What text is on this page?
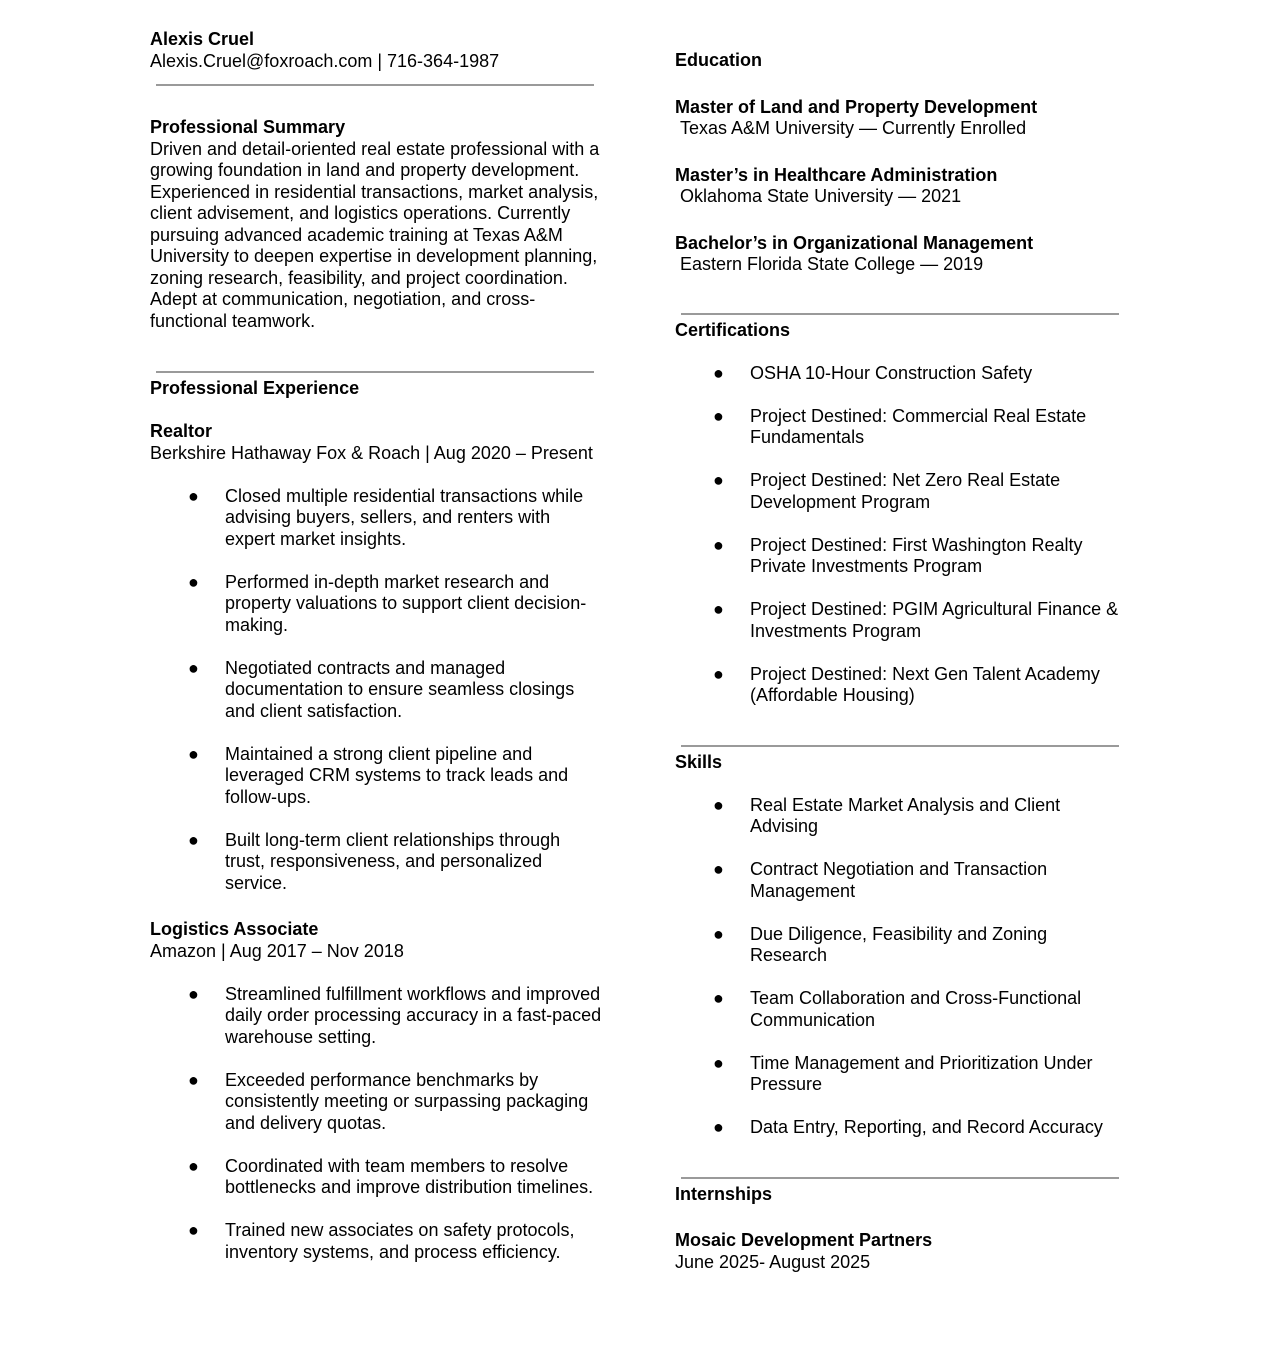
Alexis Cruel
Alexis.Cruel@foxroach.com | 716-364-1987
Professional Summary
Driven and detail-oriented real estate professional with a growing foundation in land and property development. Experienced in residential transactions, market analysis, client advisement, and logistics operations. Currently pursuing advanced academic training at Texas A&M University to deepen expertise in development planning, zoning research, feasibility, and project coordination. Adept at communication, negotiation, and cross-functional teamwork.
Professional Experience
Realtor
Berkshire Hathaway Fox & Roach | Aug 2020 – Present
● Closed multiple residential transactions while advising buyers, sellers, and renters with expert market insights.
● Performed in-depth market research and property valuations to support client decision-making.
● Negotiated contracts and managed documentation to ensure seamless closings and client satisfaction.
● Maintained a strong client pipeline and leveraged CRM systems to track leads and follow-ups.
● Built long-term client relationships through trust, responsiveness, and personalized service.
Logistics Associate
Amazon | Aug 2017 – Nov 2018
● Streamlined fulfillment workflows and improved daily order processing accuracy in a fast-paced warehouse setting.
● Exceeded performance benchmarks by consistently meeting or surpassing packaging and delivery quotas.
● Coordinated with team members to resolve bottlenecks and improve distribution timelines.
● Trained new associates on safety protocols, inventory systems, and process efficiency.
Education
Master of Land and Property Development
Texas A&M University — Currently Enrolled
Master’s in Healthcare Administration
Oklahoma State University — 2021
Bachelor’s in Organizational Management
Eastern Florida State College — 2019
Certifications
● OSHA 10-Hour Construction Safety
● Project Destined: Commercial Real Estate Fundamentals
● Project Destined: Net Zero Real Estate Development Program
● Project Destined: First Washington Realty Private Investments Program
● Project Destined: PGIM Agricultural Finance & Investments Program
● Project Destined: Next Gen Talent Academy (Affordable Housing)
Skills
● Real Estate Market Analysis and Client Advising
● Contract Negotiation and Transaction Management
● Due Diligence, Feasibility and Zoning Research
● Team Collaboration and Cross-Functional Communication
● Time Management and Prioritization Under Pressure
● Data Entry, Reporting, and Record Accuracy
Internships
Mosaic Development Partners
June 2025- August 2025
